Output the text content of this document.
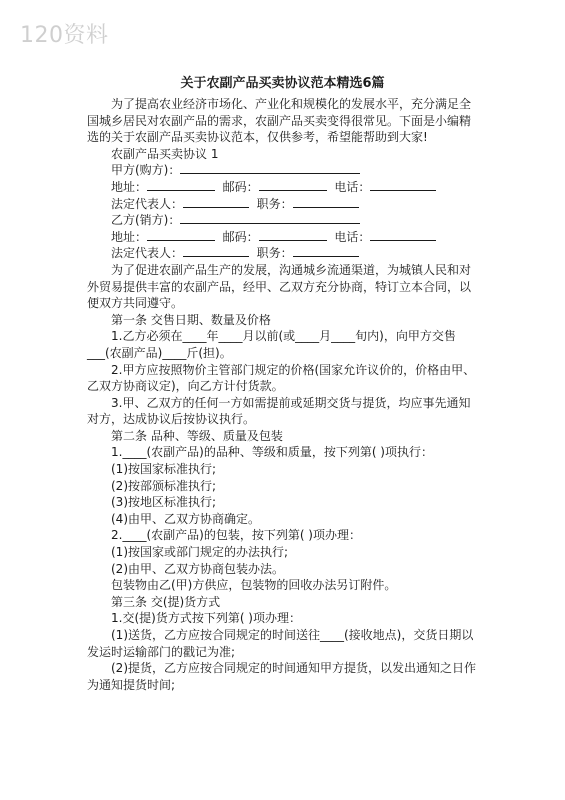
120资料
关于农副产品买卖协议范本精选6篇

为了提高农业经济市场化、产业化和规模化的发展水平，充分满足全国城乡居民对农副产品的需求，农副产品买卖变得很常见。下面是小编精选的关于农副产品买卖协议范本，仅供参考，希望能帮助到大家!

农副产品买卖协议 1

甲方(购方)：

地址：	邮码：	电话：

法定代表人：	职务：

乙方(销方)：

地址：	邮码：	电话：

法定代表人：	职务：

为了促进农副产品生产的发展，沟通城乡流通渠道，为城镇人民和对外贸易提供丰富的农副产品，经甲、乙双方充分协商，特订立本合同，以便双方共同遵守。

第一条 交售日期、数量及价格

1.乙方必须在____年____月以前(或____月____旬内)，向甲方交售___(农副产品)____斤(担)。

2.甲方应按照物价主管部门规定的价格(国家允许议价的，价格由甲、乙双方协商议定)，向乙方计付货款。

3.甲、乙双方的任何一方如需提前或延期交货与提货，均应事先通知对方，达成协议后按协议执行。

第二条 品种、等级、质量及包装

1.____(农副产品)的品种、等级和质量，按下列第( )项执行：

(1)按国家标准执行;

(2)按部颁标准执行;

(3)按地区标准执行;

(4)由甲、乙双方协商确定。

2.____(农副产品)的包装，按下列第( )项办理：

(1)按国家或部门规定的办法执行;

(2)由甲、乙双方协商包装办法。

包装物由乙(甲)方供应，包装物的回收办法另订附件。

第三条 交(提)货方式

1.交(提)货方式按下列第( )项办理：

(1)送货，乙方应按合同规定的时间送往____(接收地点)，交货日期以发运时运输部门的戳记为准;

(2)提货，乙方应按合同规定的时间通知甲方提货，以发出通知之日作为通知提货时间;
